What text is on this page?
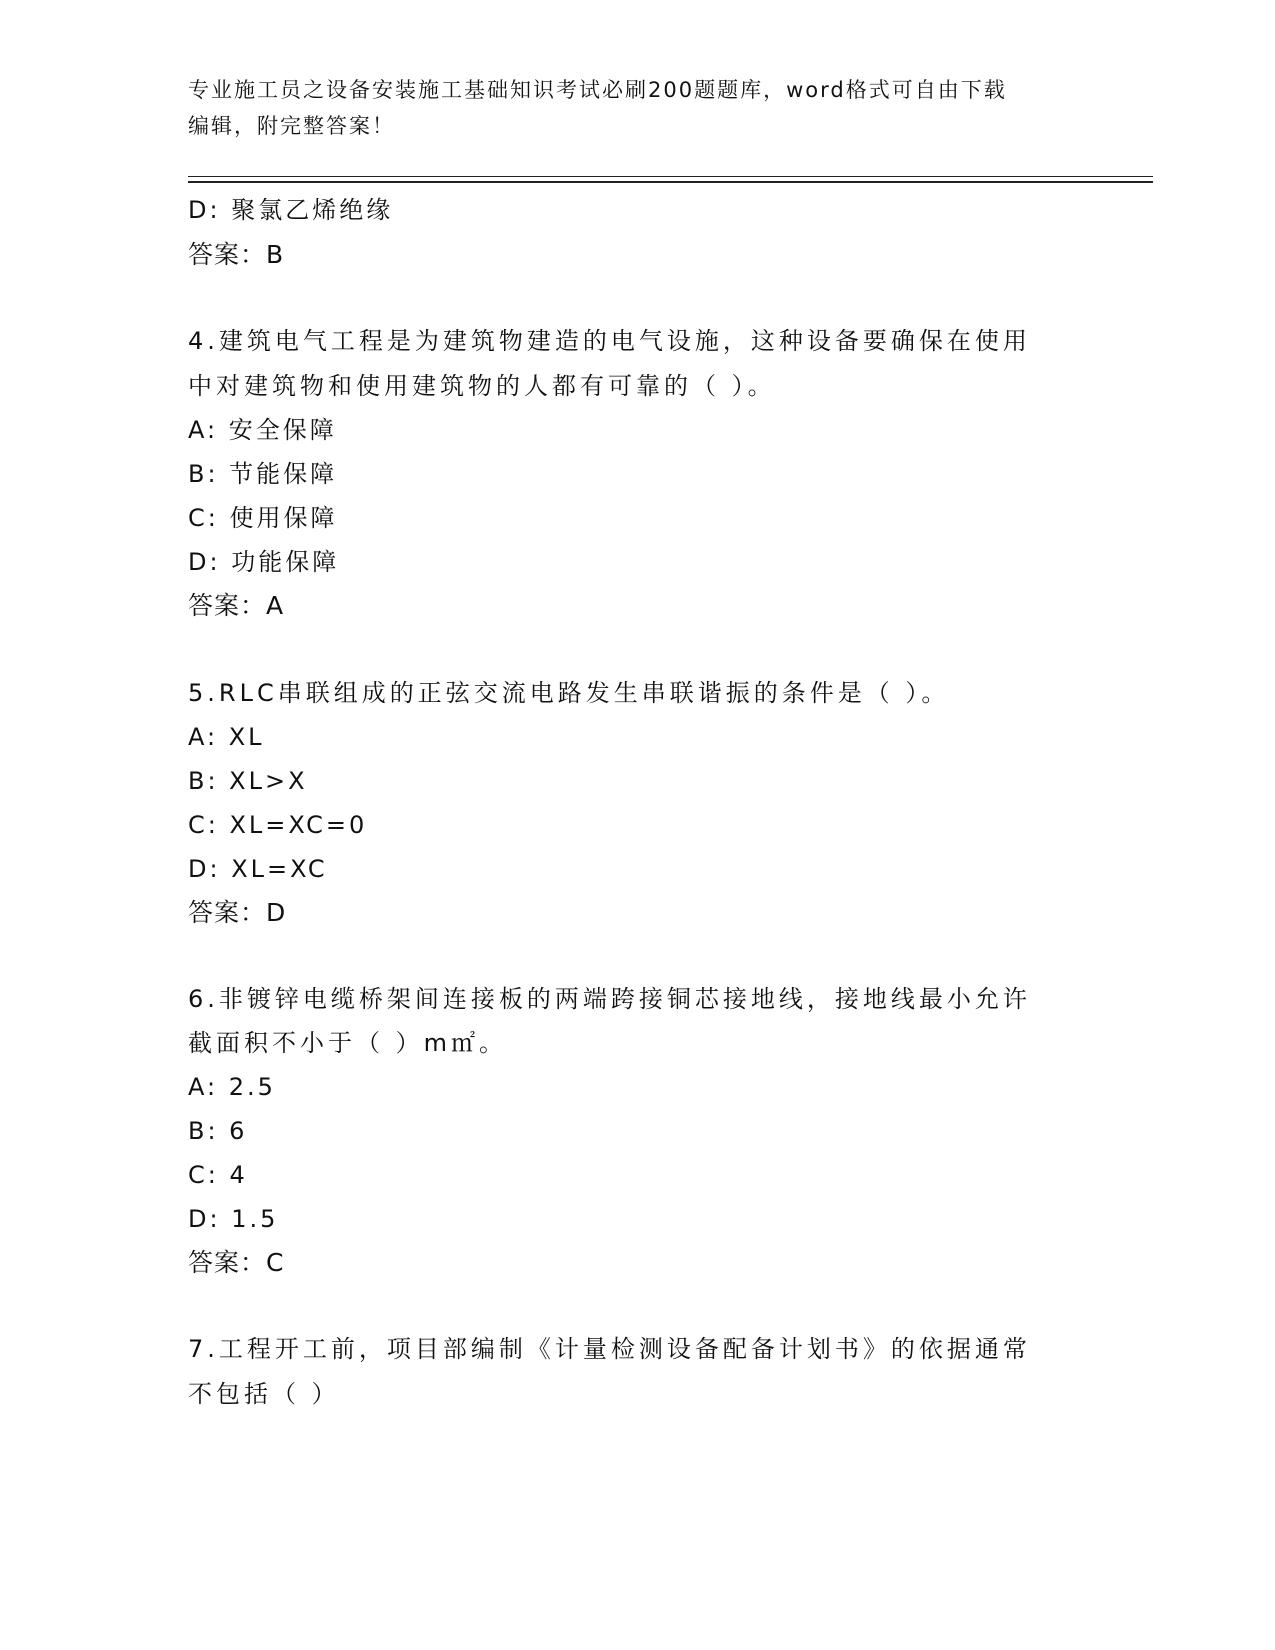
专业施工员之设备安装施工基础知识考试必刷200题题库，word格式可自由下载
编辑，附完整答案！
D: 聚氯乙烯绝缘
答案：B
4.建筑电气工程是为建筑物建造的电气设施，这种设备要确保在使用
中对建筑物和使用建筑物的人都有可靠的（ ）。
A: 安全保障
B: 节能保障
C: 使用保障
D: 功能保障
答案：A
5.RLC串联组成的正弦交流电路发生串联谐振的条件是（ ）。
A: XL
B: XL>X
C: XL=XC=0
D: XL=XC
答案：D
6.非镀锌电缆桥架间连接板的两端跨接铜芯接地线，接地线最小允许
截面积不小于（ ）m㎡。
A: 2.5
B: 6
C: 4
D: 1.5
答案：C
7.工程开工前，项目部编制《计量检测设备配备计划书》的依据通常
不包括（ ）
